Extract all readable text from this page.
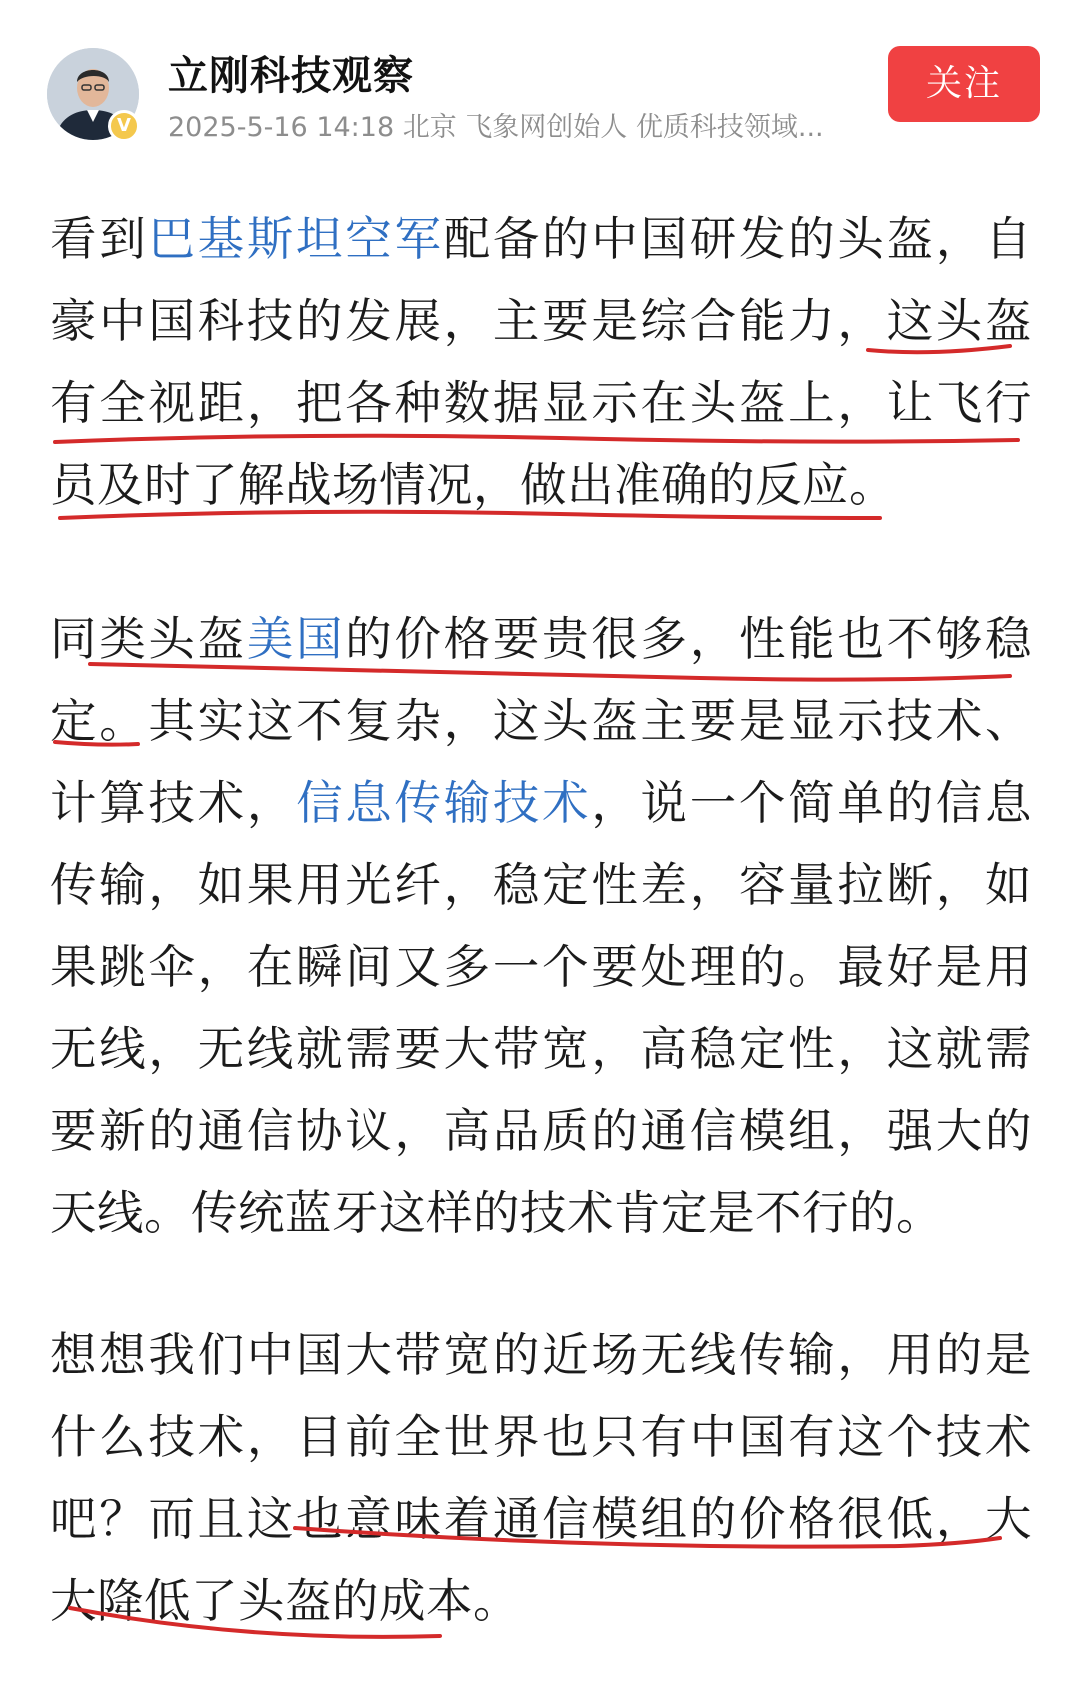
V
立刚科技观察
2025-5-16 14:18 北京 飞象网创始人 优质科技领域...
关注

看到巴基斯坦空军配备的中国研发的头盔，自豪中国科技的发展，主要是综合能力，这头盔有全视距，把各种数据显示在头盔上，让飞行员及时了解战场情况，做出准确的反应。

同类头盔美国的价格要贵很多，性能也不够稳定。其实这不复杂，这头盔主要是显示技术、计算技术，信息传输技术，说一个简单的信息传输，如果用光纤，稳定性差，容量拉断，如果跳伞，在瞬间又多一个要处理的。最好是用无线，无线就需要大带宽，高稳定性，这就需要新的通信协议，高品质的通信模组，强大的天线。传统蓝牙这样的技术肯定是不行的。

想想我们中国大带宽的近场无线传输，用的是什么技术，目前全世界也只有中国有这个技术吧？而且这也意味着通信模组的价格很低，大大降低了头盔的成本。
